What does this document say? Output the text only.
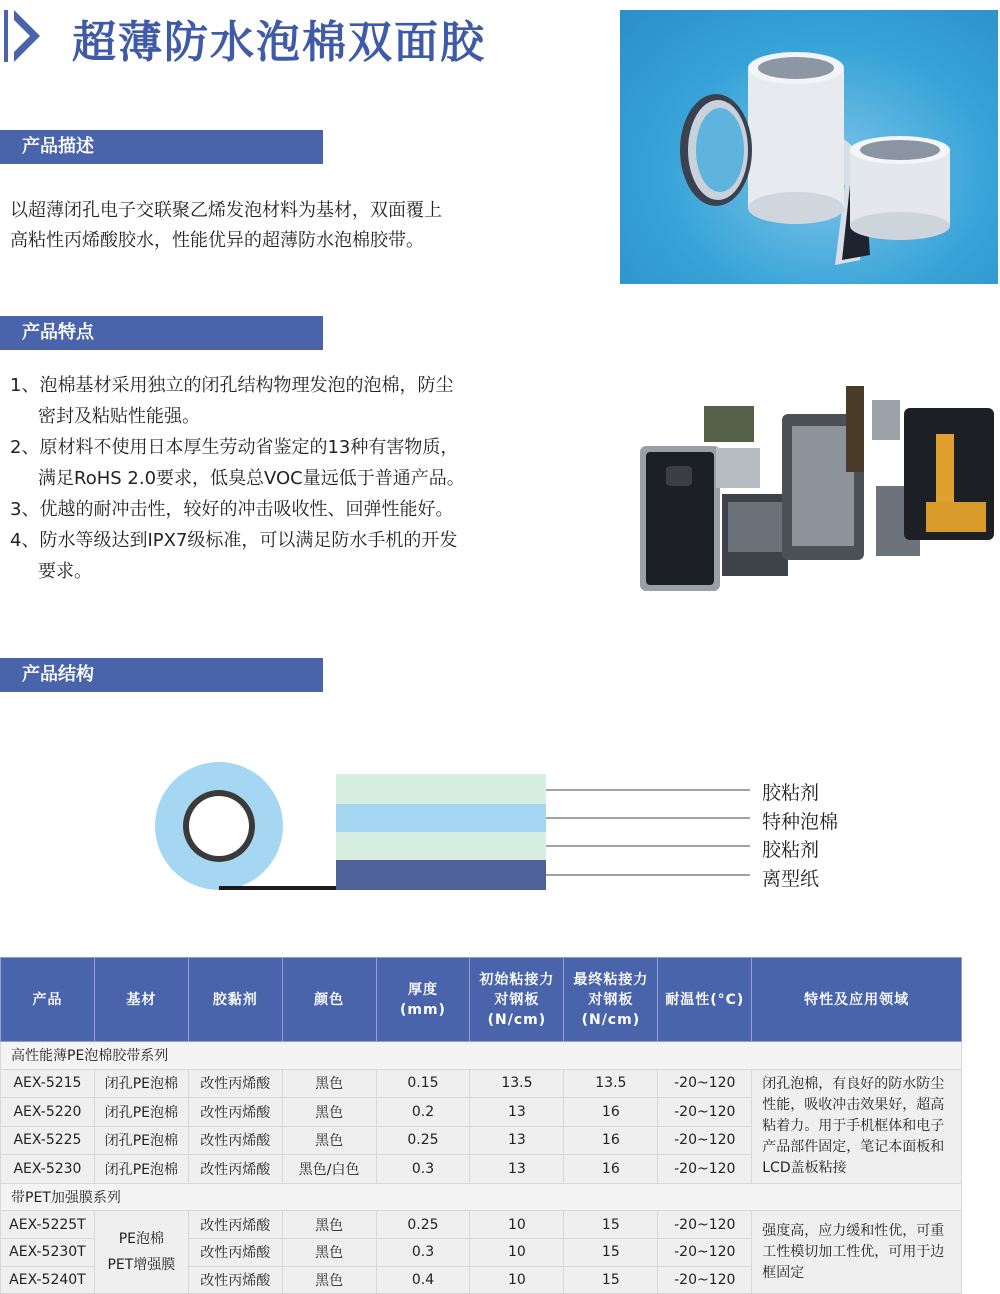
超薄防水泡棉双面胶
产品描述
以超薄闭孔电子交联聚乙烯发泡材料为基材，双面覆上
高粘性丙烯酸胶水，性能优异的超薄防水泡棉胶带。
产品特点
1、泡棉基材采用独立的闭孔结构物理发泡的泡棉，防尘
密封及粘贴性能强。
2、原材料不使用日本厚生劳动省鉴定的13种有害物质，
满足RoHS 2.0要求，低臭总VOC量远低于普通产品。
3、优越的耐冲击性，较好的冲击吸收性、回弹性能好。
4、防水等级达到IPX7级标准，可以满足防水手机的开发
要求。
产品结构
胶粘剂
特种泡棉
胶粘剂
离型纸
产品	基材	胶黏剂	颜色	厚度
(mm)	初始粘接力
对钢板
(N/cm)	最终粘接力
对钢板
(N/cm)	耐温性(°C)	特性及应用领域
高性能薄PE泡棉胶带系列								
AEX-5215	闭孔PE泡棉	改性丙烯酸	黑色	0.15	13.5	13.5	-20~120	闭孔泡棉，有良好的防水防尘性能，吸收冲击效果好，超高粘着力。用于手机框体和电子产品部件固定，笔记本面板和LCD盖板粘接
AEX-5220	闭孔PE泡棉	改性丙烯酸	黑色	0.2	13	16	-20~120	
AEX-5225	闭孔PE泡棉	改性丙烯酸	黑色	0.25	13	16	-20~120	
AEX-5230	闭孔PE泡棉	改性丙烯酸	黑色/白色	0.3	13	16	-20~120	
带PET加强膜系列								
AEX-5225T	PE泡棉PET增强膜	改性丙烯酸	黑色	0.25	10	15	-20~120	强度高，应力缓和性优，可重工性模切加工性优，可用于边框固定
AEX-5230T		改性丙烯酸	黑色	0.3	10	15	-20~120	
AEX-5240T		改性丙烯酸	黑色	0.4	10	15	-20~120	
